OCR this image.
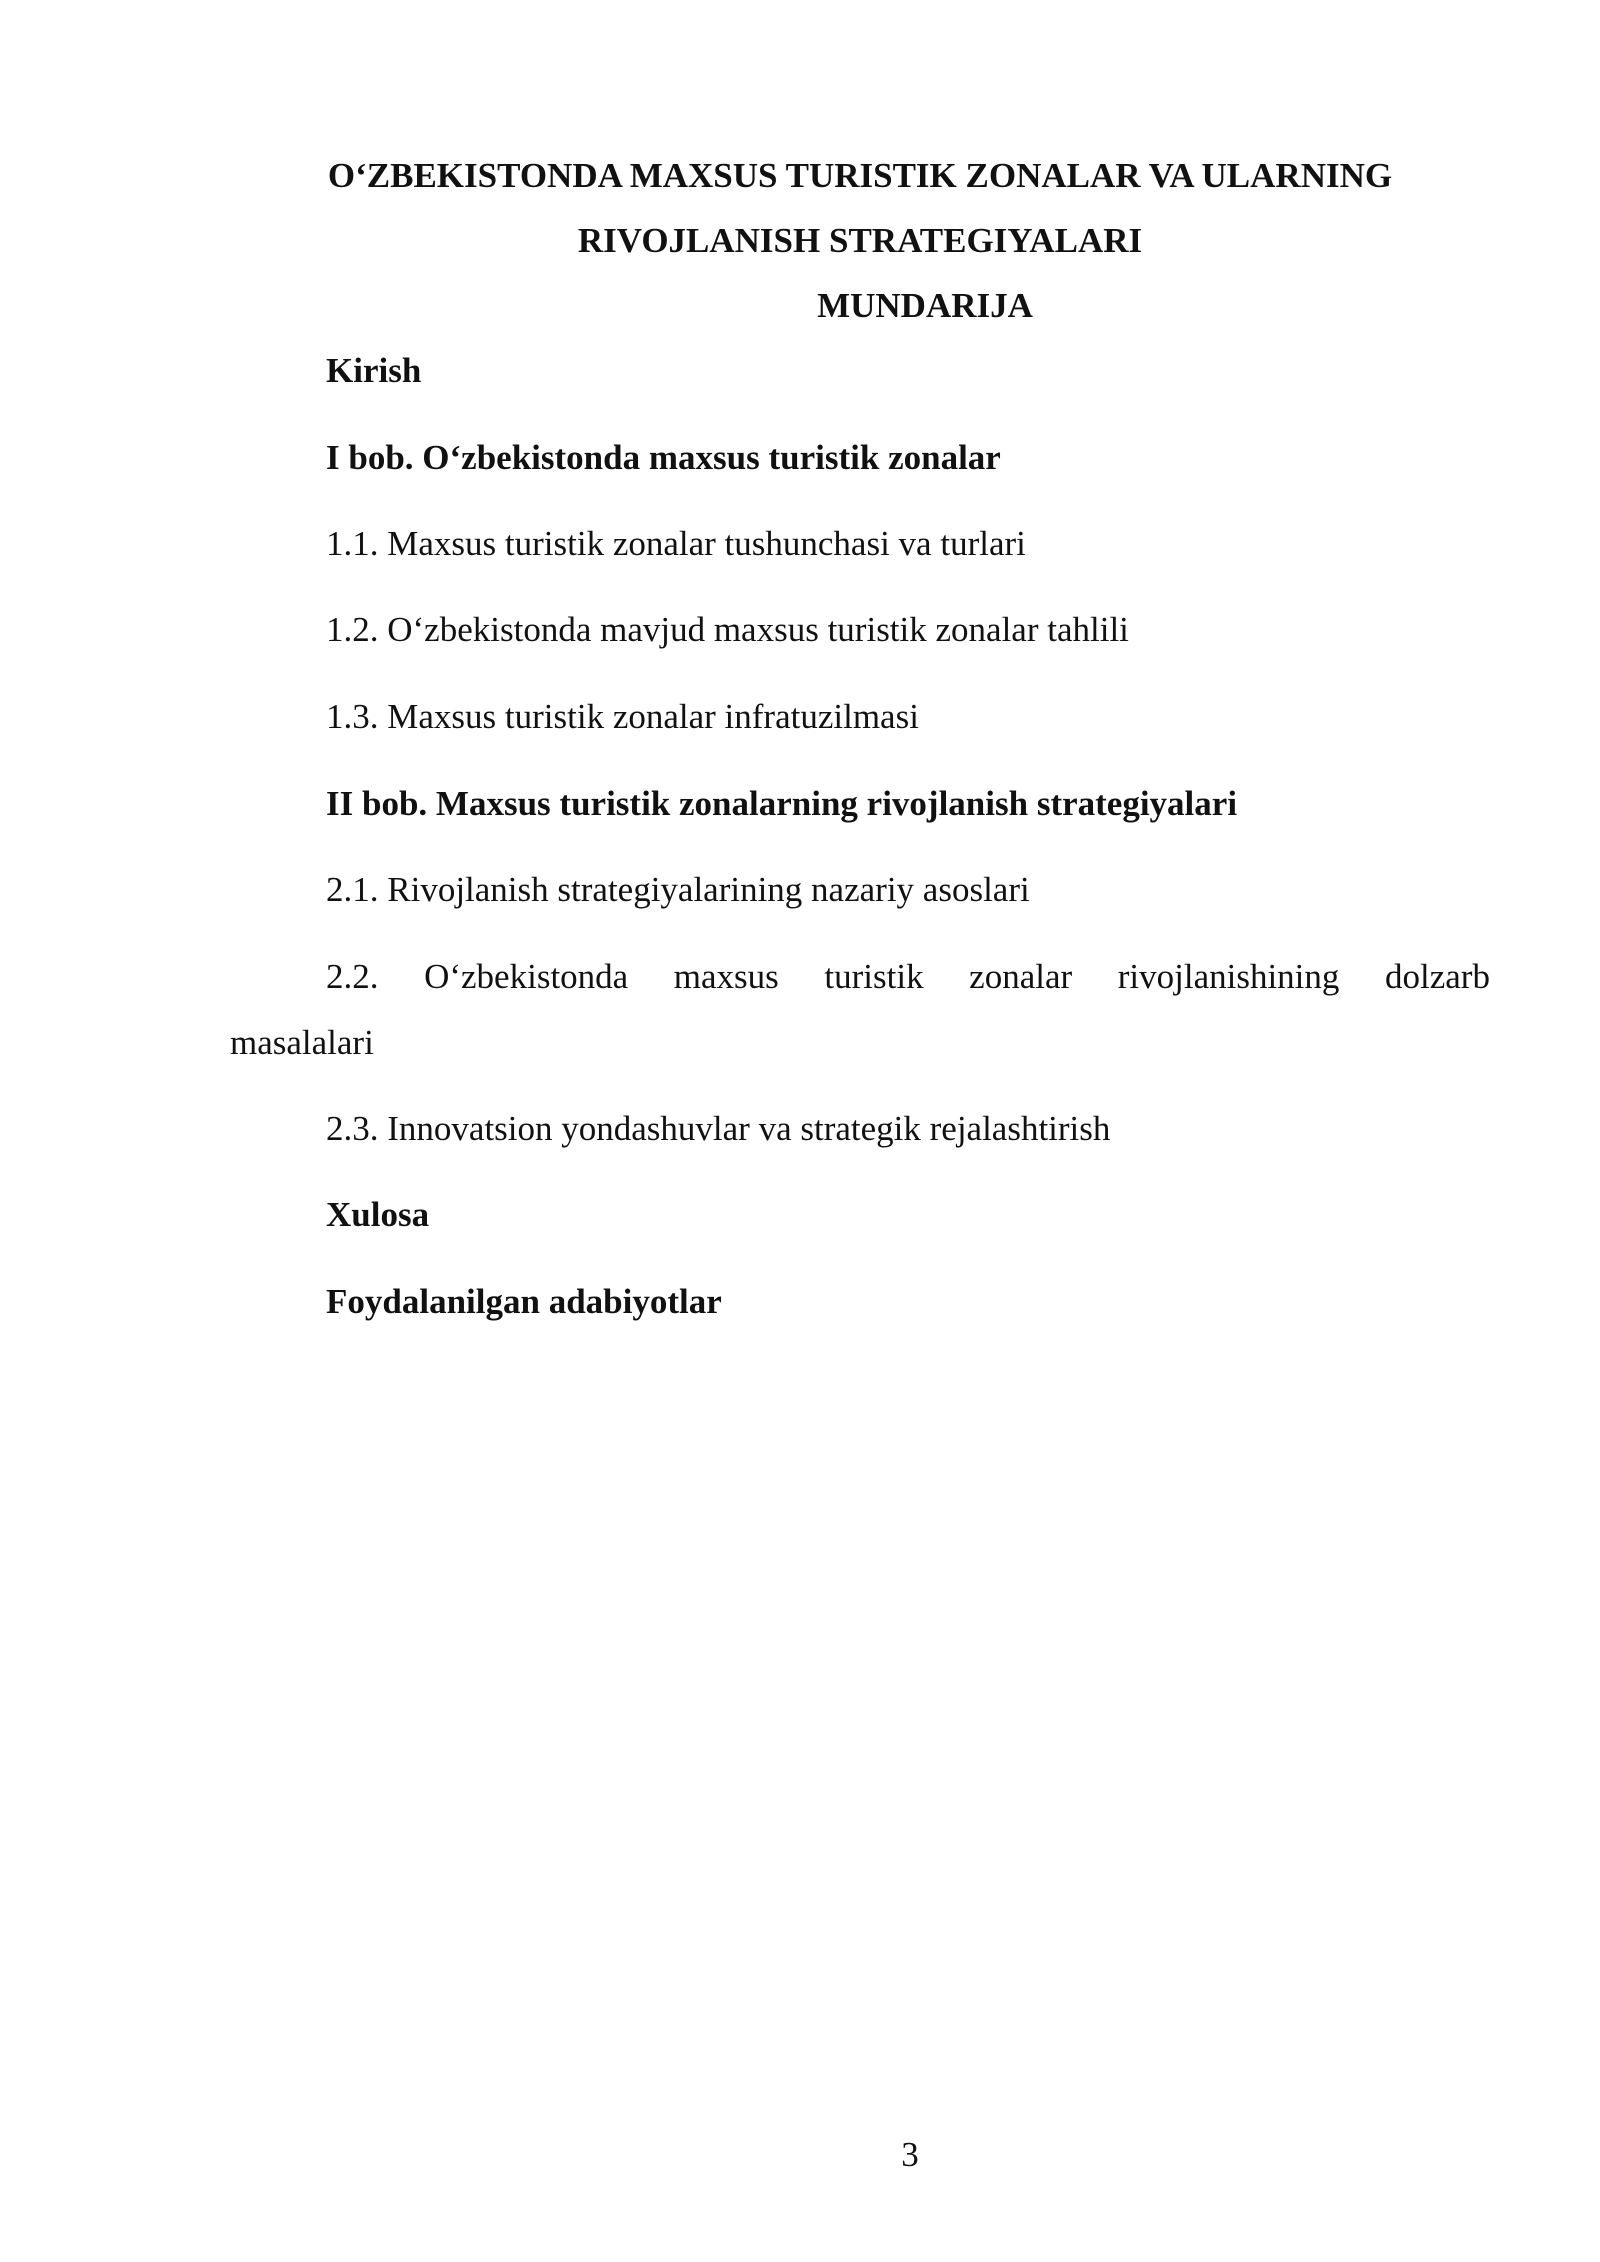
O‘ZBEKISTONDA MAXSUS TURISTIK ZONALAR VA ULARNING
RIVOJLANISH STRATEGIYALARI
MUNDARIJA
Kirish
I bob. O‘zbekistonda maxsus turistik zonalar
1.1. Maxsus turistik zonalar tushunchasi va turlari
1.2. O‘zbekistonda mavjud maxsus turistik zonalar tahlili
1.3. Maxsus turistik zonalar infratuzilmasi
II bob. Maxsus turistik zonalarning rivojlanish strategiyalari
2.1. Rivojlanish strategiyalarining nazariy asoslari
2.2. O‘zbekistonda maxsus turistik zonalar rivojlanishining dolzarb
masalalari
2.3. Innovatsion yondashuvlar va strategik rejalashtirish
Xulosa
Foydalanilgan adabiyotlar
3
